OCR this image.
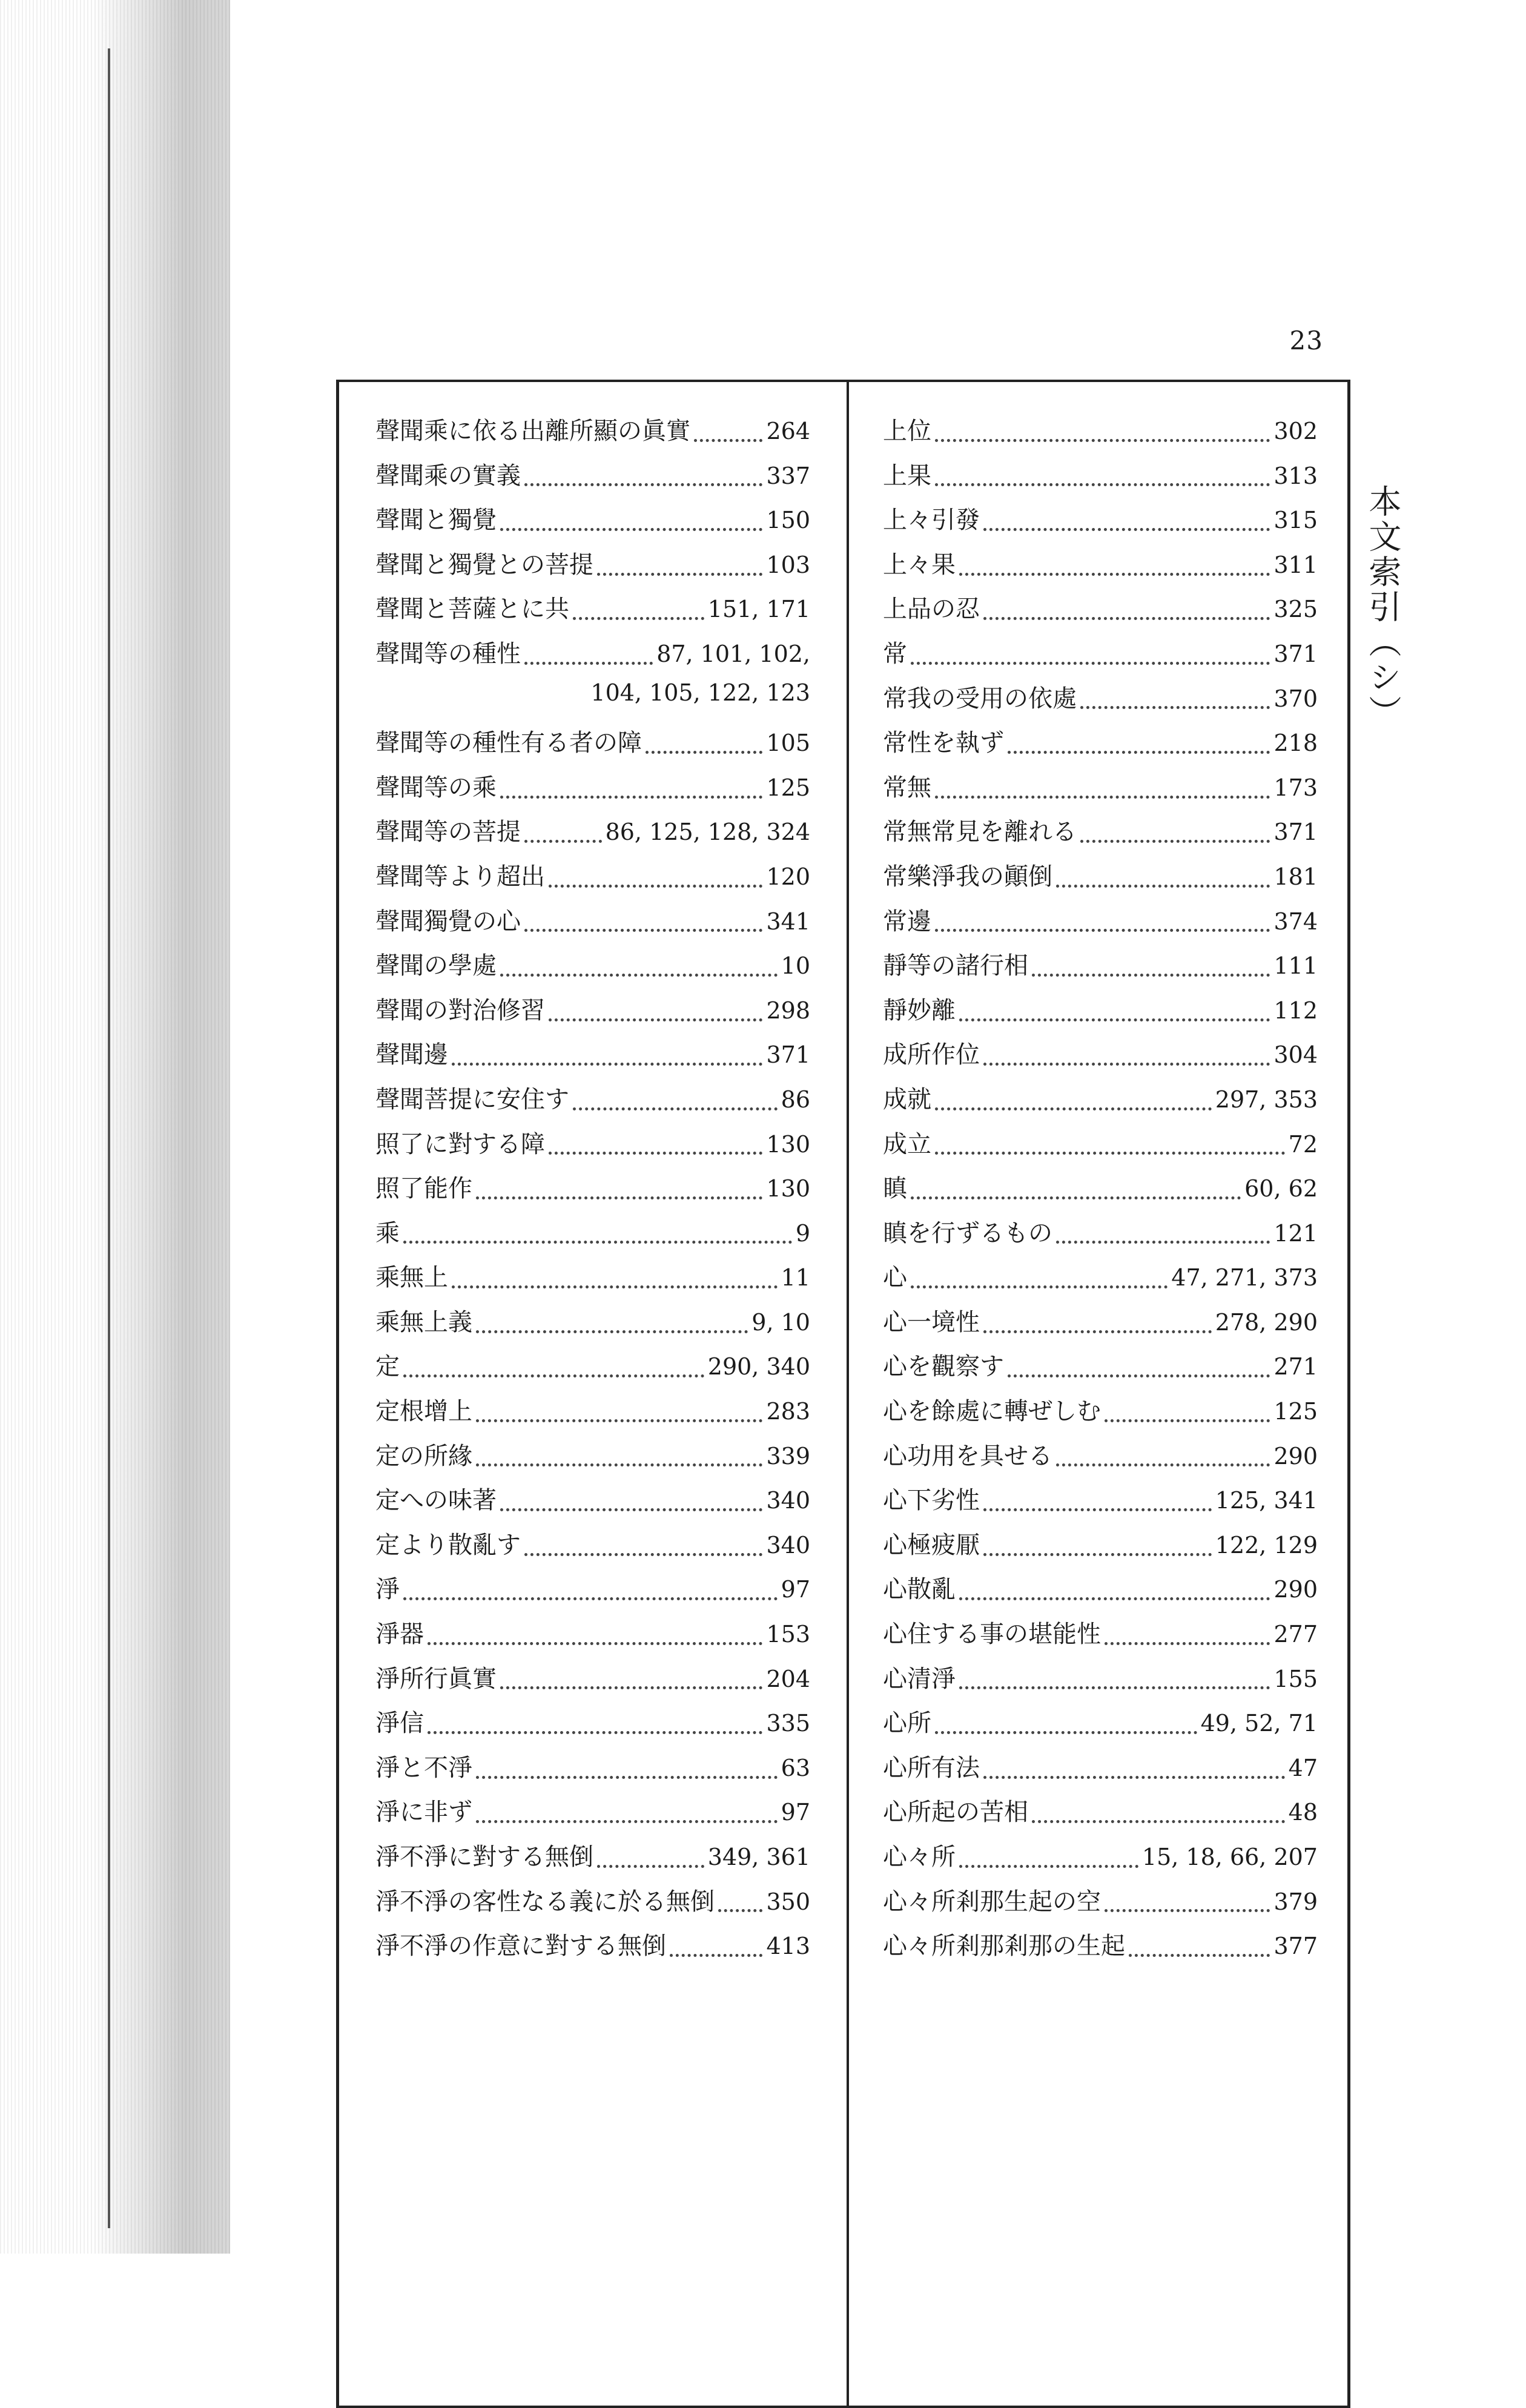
23
聲聞乘に依る出離所顯の眞實	264
聲聞乘の實義	337
聲聞と獨覺	150
聲聞と獨覺との菩提	103
聲聞と菩薩とに共	151, 171
聲聞等の種性	87, 101, 102,
104, 105, 122, 123
聲聞等の種性有る者の障	105
聲聞等の乘	125
聲聞等の菩提	86, 125, 128, 324
聲聞等より超出	120
聲聞獨覺の心	341
聲聞の學處	10
聲聞の對治修習	298
聲聞邊	371
聲聞菩提に安住す	86
照了に對する障	130
照了能作	130
乘	9
乘無上	11
乘無上義	9, 10
定	290, 340
定根增上	283
定の所緣	339
定への味著	340
定より散亂す	340
淨	97
淨器	153
淨所行眞實	204
淨信	335
淨と不淨	63
淨に非ず	97
淨不淨に對する無倒	349, 361
淨不淨の客性なる義に於る無倒 350
淨不淨の作意に對する無倒	413
上位	302
上果	313
上々引發	315
上々果	311
上品の忍	325
常	371
常我の受用の依處	370
常性を執ず	218
常無	173
常無常見を離れる	371
常樂淨我の顚倒	181
常邊	374
靜等の諸行相	111
靜妙離	112
成所作位	304
成就	297, 353
成立	72
瞋	60, 62
瞋を行ずるもの	121
心	47, 271, 373
心一境性	278, 290
心を觀察す	271
心を餘處に轉ぜしむ	125
心功用を具せる	290
心下劣性	125, 341
心極疲厭	122, 129
心散亂	290
心住する事の堪能性	277
心清淨	155
心所	49, 52, 71
心所有法	47
心所起の苦相	48
心々所	15, 18, 66, 207
心々所剎那生起の空	379
心々所剎那剎那の生起	377
本文索引（シ）
